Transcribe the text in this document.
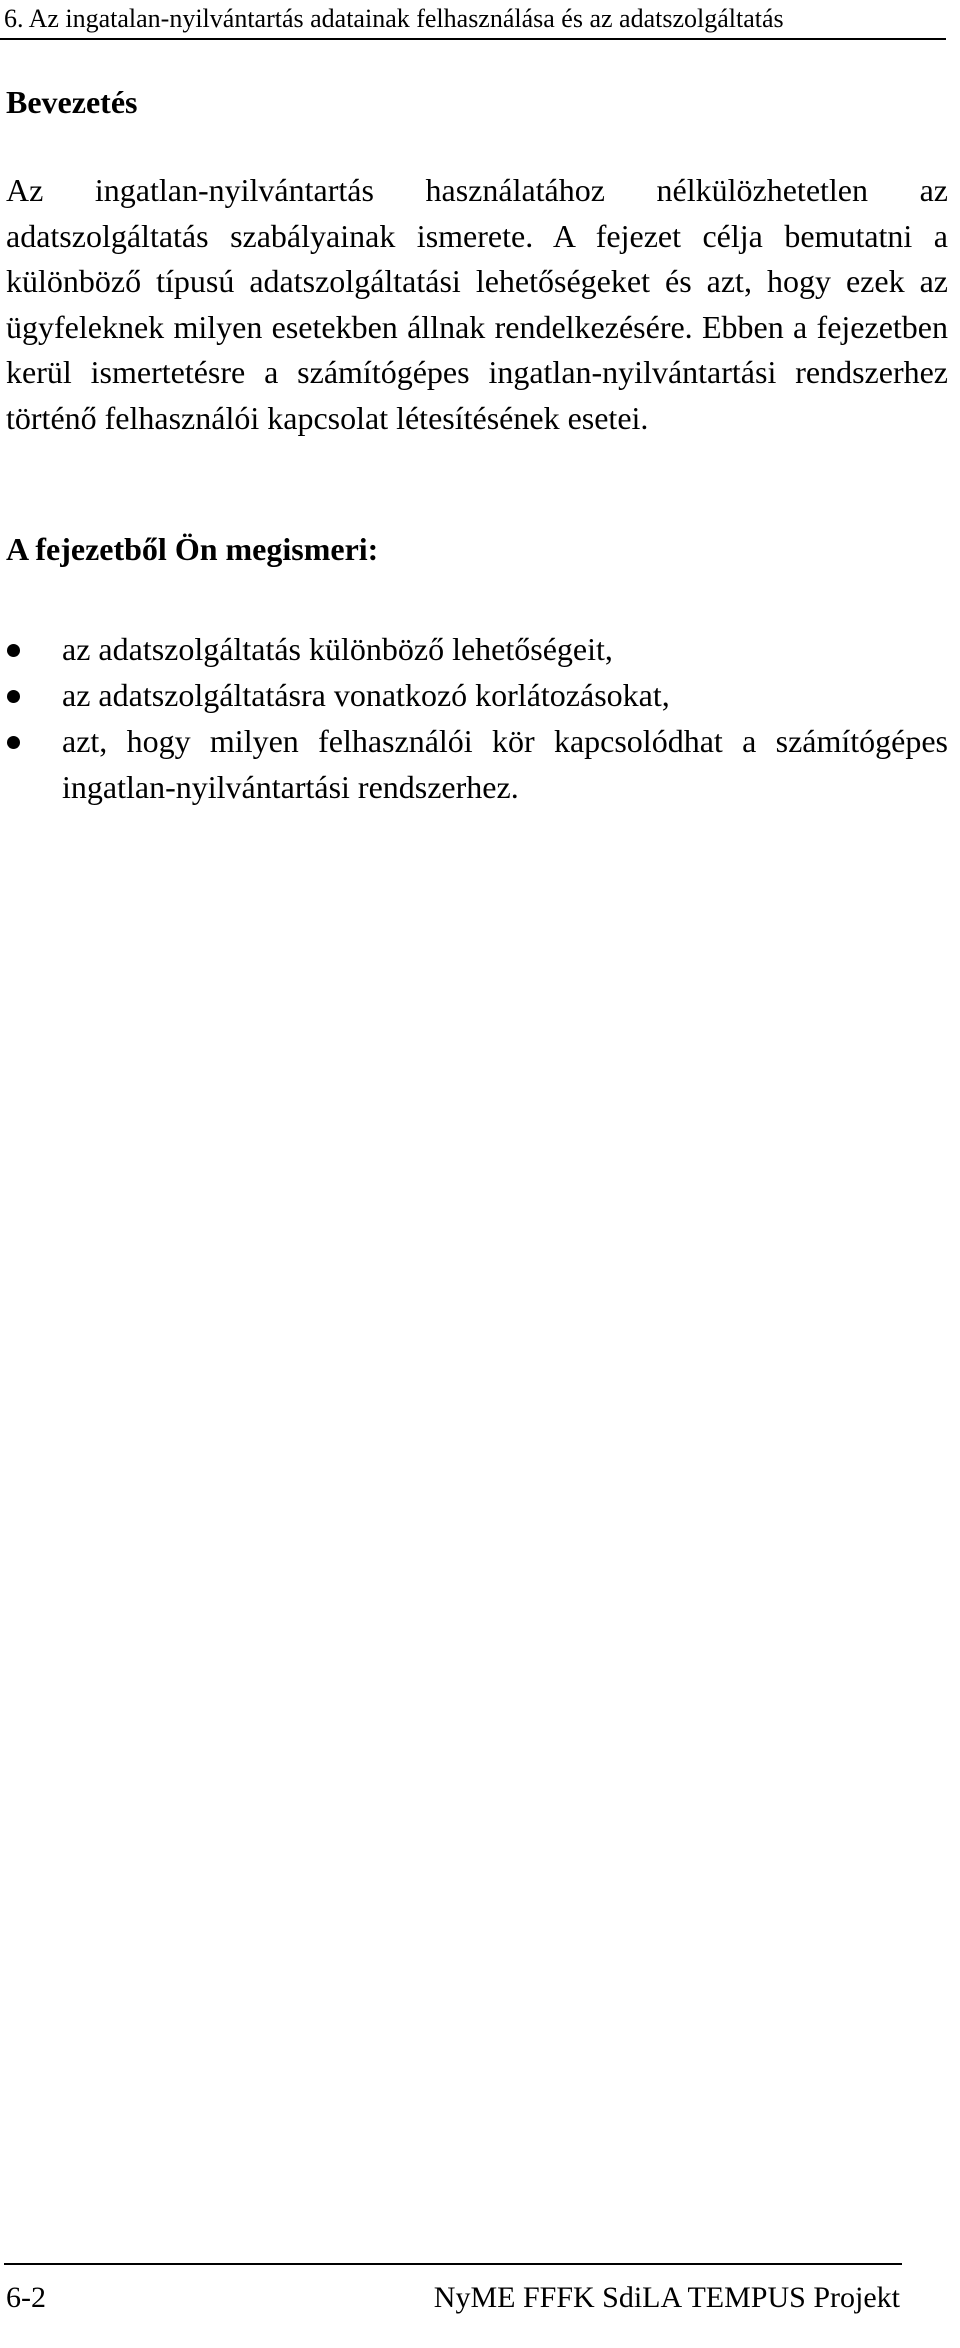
6. Az ingatalan-nyilvántartás adatainak felhasználása és az adatszolgáltatás
Bevezetés

Az ingatlan-nyilvántartás használatához nélkülözhetetlen az adatszolgáltatás szabályainak ismerete. A fejezet célja bemutatni a különböző típusú adatszolgáltatási lehetőségeket és azt, hogy ezek az ügyfeleknek milyen esetekben állnak rendelkezésére. Ebben a fejezetben kerül ismertetésre a számítógépes ingatlan-nyilvántartási rendszerhez történő felhasználói kapcsolat létesítésének esetei.

A fejezetből Ön megismeri:
az adatszolgáltatás különböző lehetőségeit,
az adatszolgáltatásra vonatkozó korlátozásokat,
azt, hogy milyen felhasználói kör kapcsolódhat a számítógépes ingatlan-nyilvántartási rendszerhez.
6-2	NyME FFFK SdiLA TEMPUS Projekt
